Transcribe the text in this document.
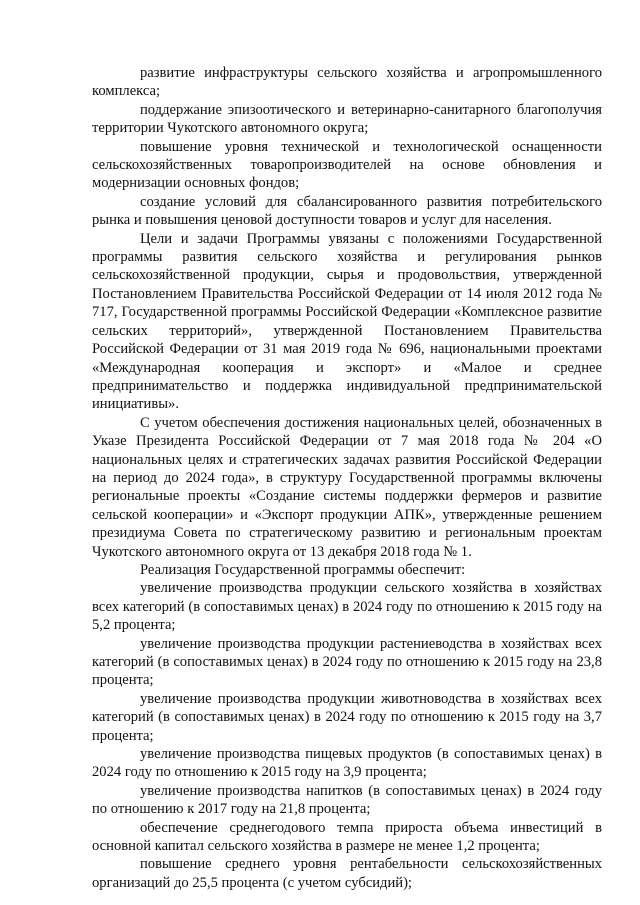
развитие инфраструктуры сельского хозяйства и агропромышленного комплекса;

поддержание эпизоотического и ветеринарно-санитарного благополучия территории Чукотского автономного округа;

повышение уровня технической и технологической оснащенности сельскохозяйственных товаропроизводителей на основе обновления и модернизации основных фондов;

создание условий для сбалансированного развития потребительского рынка и повышения ценовой доступности товаров и услуг для населения.

Цели и задачи Программы увязаны с положениями Государственной программы развития сельского хозяйства и регулирования рынков сельскохозяйственной продукции, сырья и продовольствия, утвержденной Постановлением Правительства Российской Федерации от 14 июля 2012 года № 717, Государственной программы Российской Федерации «Комплексное развитие сельских территорий», утвержденной Постановлением Правительства Российской Федерации от 31 мая 2019 года № 696, национальными проектами «Международная кооперация и экспорт» и «Малое и среднее предпринимательство и поддержка индивидуальной предпринимательской инициативы».

С учетом обеспечения достижения национальных целей, обозначенных в Указе Президента Российской Федерации от 7 мая 2018 года № 204 «О национальных целях и стратегических задачах развития Российской Федерации на период до 2024 года», в структуру Государственной программы включены региональные проекты «Создание системы поддержки фермеров и развитие сельской кооперации» и «Экспорт продукции АПК», утвержденные решением президиума Совета по стратегическому развитию и региональным проектам Чукотского автономного округа от 13 декабря 2018 года № 1.

Реализация Государственной программы обеспечит:

увеличение производства продукции сельского хозяйства в хозяйствах всех категорий (в сопоставимых ценах) в 2024 году по отношению к 2015 году на 5,2 процента;

увеличение производства продукции растениеводства в хозяйствах всех категорий (в сопоставимых ценах) в 2024 году по отношению к 2015 году на 23,8 процента;

увеличение производства продукции животноводства в хозяйствах всех категорий (в сопоставимых ценах) в 2024 году по отношению к 2015 году на 3,7 процента;

увеличение производства пищевых продуктов (в сопоставимых ценах) в 2024 году по отношению к 2015 году на 3,9 процента;

увеличение производства напитков (в сопоставимых ценах) в 2024 году по отношению к 2017 году на 21,8 процента;

обеспечение среднегодового темпа прироста объема инвестиций в основной капитал сельского хозяйства в размере не менее 1,2 процента;

повышение среднего уровня рентабельности сельскохозяйственных организаций до 25,5 процента (с учетом субсидий);
